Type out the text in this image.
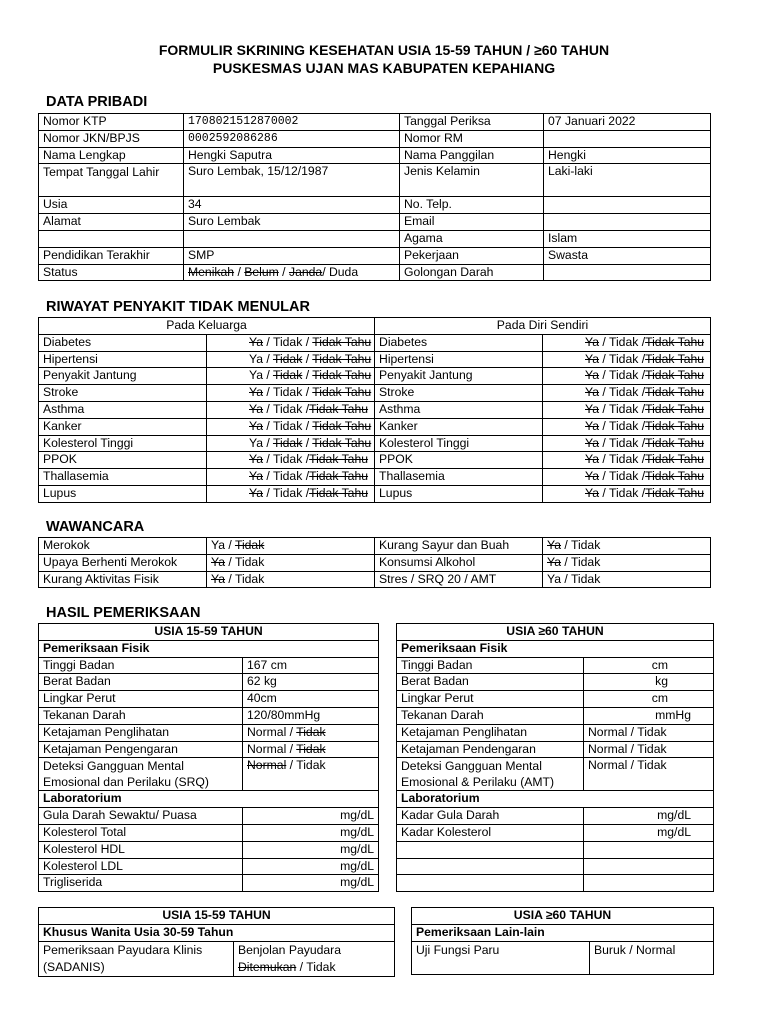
FORMULIR SKRINING KESEHATAN USIA 15-59 TAHUN / ≥60 TAHUN
PUSKESMAS UJAN MAS KABUPATEN KEPAHIANG
DATA PRIBADI
Nomor KTP	1708021512870002	Tanggal Periksa	07 Januari 2022
Nomor JKN/BPJS	0002592086286	Nomor RM	
Nama Lengkap	Hengki Saputra	Nama Panggilan	Hengki
Tempat Tanggal Lahir	Suro Lembak, 15/12/1987	Jenis Kelamin	Laki-laki
Usia	34	No. Telp.	
Alamat	Suro Lembak	Email	
		Agama	Islam
Pendidikan Terakhir	SMP	Pekerjaan	Swasta
Status	Menikah / Belum / Janda/ Duda	Golongan Darah	
RIWAYAT PENYAKIT TIDAK MENULAR
Pada Keluarga		Pada Diri Sendiri	
Diabetes	Ya / Tidak / Tidak Tahu	Diabetes	Ya / Tidak /Tidak Tahu
Hipertensi	Ya / Tidak / Tidak Tahu	Hipertensi	Ya / Tidak /Tidak Tahu
Penyakit Jantung	Ya / Tidak / Tidak Tahu	Penyakit Jantung	Ya / Tidak /Tidak Tahu
Stroke	Ya / Tidak / Tidak Tahu	Stroke	Ya / Tidak /Tidak Tahu
Asthma	Ya / Tidak /Tidak Tahu	Asthma	Ya / Tidak /Tidak Tahu
Kanker	Ya / Tidak / Tidak Tahu	Kanker	Ya / Tidak /Tidak Tahu
Kolesterol Tinggi	Ya / Tidak / Tidak Tahu	Kolesterol Tinggi	Ya / Tidak /Tidak Tahu
PPOK	Ya / Tidak /Tidak Tahu	PPOK	Ya / Tidak /Tidak Tahu
Thallasemia	Ya / Tidak /Tidak Tahu	Thallasemia	Ya / Tidak /Tidak Tahu
Lupus	Ya / Tidak /Tidak Tahu	Lupus	Ya / Tidak /Tidak Tahu
WAWANCARA
Merokok	Ya / Tidak	Kurang Sayur dan Buah	Ya / Tidak
Upaya Berhenti Merokok	Ya / Tidak	Konsumsi Alkohol	Ya / Tidak
Kurang Aktivitas Fisik	Ya / Tidak	Stres / SRQ 20 / AMT	Ya / Tidak
HASIL PEMERIKSAAN
USIA 15-59 TAHUN	
Pemeriksaan Fisik	
Tinggi Badan	167 cm
Berat Badan	62 kg
Lingkar Perut	40cm
Tekanan Darah	120/80mmHg
Ketajaman Penglihatan	Normal / Tidak
Ketajaman Pengengaran	Normal / Tidak
Deteksi Gangguan Mental Emosional dan Perilaku (SRQ)	Normal / Tidak
Laboratorium	
Gula Darah Sewaktu/ Puasa	mg/dL
Kolesterol Total	mg/dL
Kolesterol HDL	mg/dL
Kolesterol LDL	mg/dL
Trigliserida	mg/dL
USIA ≥60 TAHUN	
Pemeriksaan Fisik	
Tinggi Badan	cm
Berat Badan	kg
Lingkar Perut	cm
Tekanan Darah	mmHg
Ketajaman Penglihatan	Normal / Tidak
Ketajaman Pendengaran	Normal / Tidak
Deteksi Gangguan Mental Emosional & Perilaku (AMT)	Normal / Tidak
Laboratorium	
Kadar Gula Darah	mg/dL
Kadar Kolesterol	mg/dL

USIA 15-59 TAHUN
Khusus Wanita Usia 30-59 Tahun
Pemeriksaan Payudara Klinis (SADANIS)	Benjolan Payudara
Ditemukan / Tidak
USIA ≥60 TAHUN
Pemeriksaan Lain-lain
Uji Fungsi Paru	Buruk / Normal
